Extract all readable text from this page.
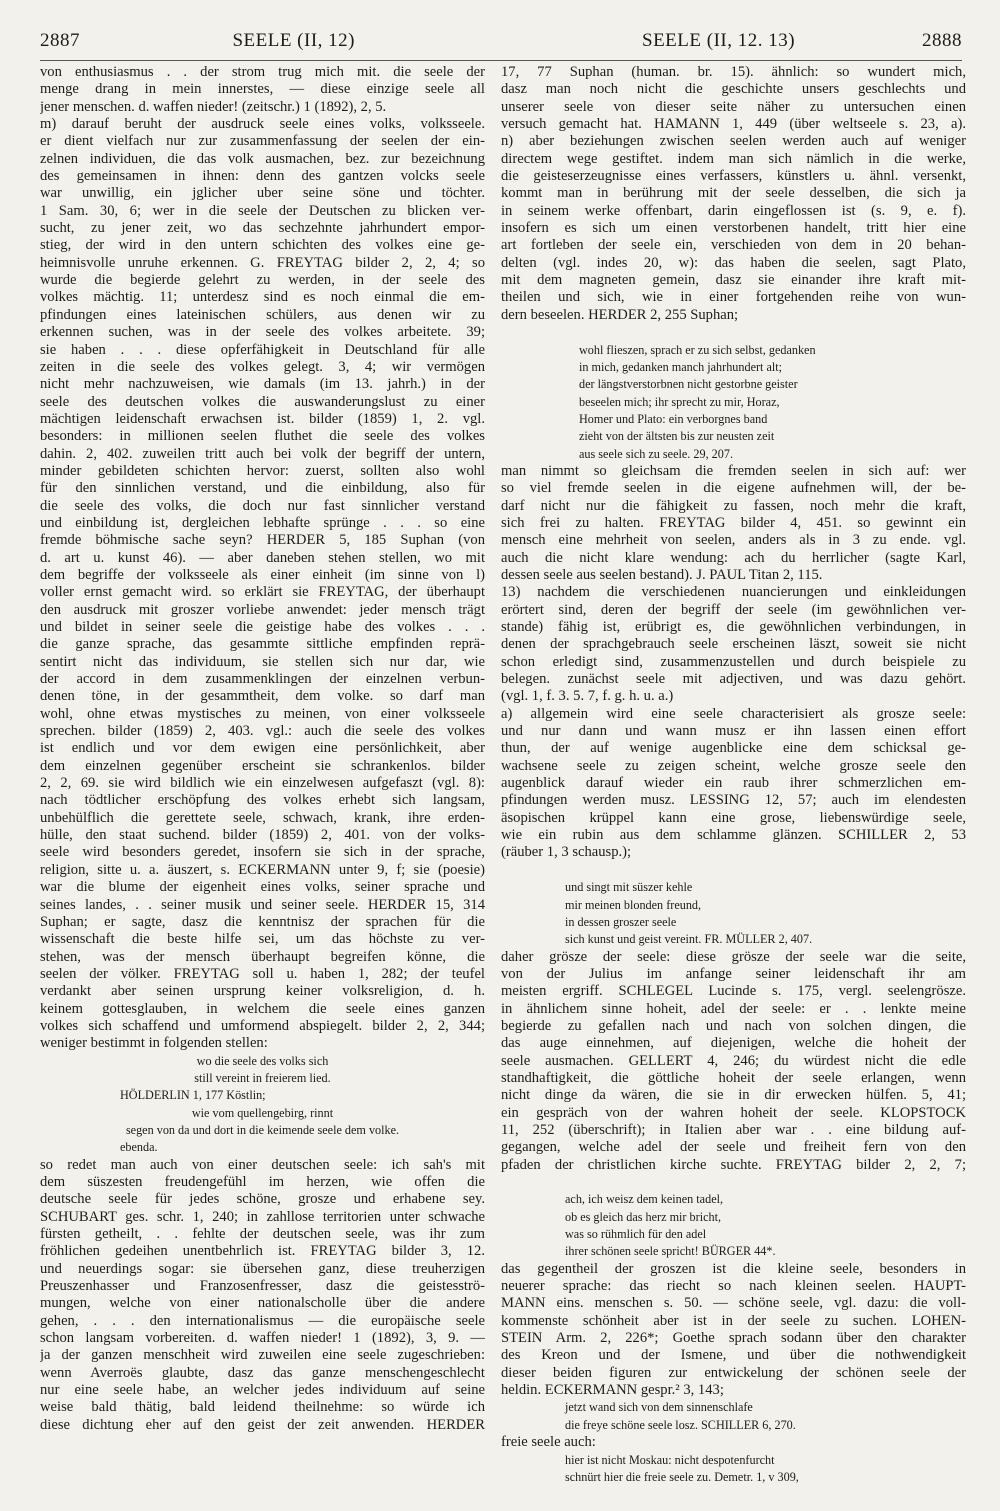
2887	SEELE (II, 12)	SEELE (II, 12. 13)	2888
von enthusiasmus . . der strom trug mich mit. die seele der
menge drang in mein innerstes, — diese einzige seele all
jener menschen. d. waffen nieder! (zeitschr.) 1 (1892), 2, 5.
m) darauf beruht der ausdruck seele eines volks, volksseele.
er dient vielfach nur zur zusammenfassung der seelen der ein-
zelnen individuen, die das volk ausmachen, bez. zur bezeichnung
des gemeinsamen in ihnen: denn des gantzen volcks seele
war unwillig, ein jglicher uber seine söne und töchter.
1 Sam. 30, 6; wer in die seele der Deutschen zu blicken ver-
sucht, zu jener zeit, wo das sechzehnte jahrhundert empor-
stieg, der wird in den untern schichten des volkes eine ge-
heimnisvolle unruhe erkennen. G. FREYTAG bilder 2, 2, 4; so
wurde die begierde gelehrt zu werden, in der seele des
volkes mächtig. 11; unterdesz sind es noch einmal die em-
pfindungen eines lateinischen schülers, aus denen wir zu
erkennen suchen, was in der seele des volkes arbeitete. 39;
sie haben . . . diese opferfähigkeit in Deutschland für alle
zeiten in die seele des volkes gelegt. 3, 4; wir vermögen
nicht mehr nachzuweisen, wie damals (im 13. jahrh.) in der
seele des deutschen volkes die auswanderungslust zu einer
mächtigen leidenschaft erwachsen ist. bilder (1859) 1, 2. vgl.
besonders: in millionen seelen fluthet die seele des volkes
dahin. 2, 402. zuweilen tritt auch bei volk der begriff der untern,
minder gebildeten schichten hervor: zuerst, sollten also wohl
für den sinnlichen verstand, und die einbildung, also für
die seele des volks, die doch nur fast sinnlicher verstand
und einbildung ist, dergleichen lebhafte sprünge . . . so eine
fremde böhmische sache seyn? HERDER 5, 185 Suphan (von
d. art u. kunst 46). — aber daneben stehen stellen, wo mit
dem begriffe der volksseele als einer einheit (im sinne von l)
voller ernst gemacht wird. so erklärt sie FREYTAG, der überhaupt
den ausdruck mit groszer vorliebe anwendet: jeder mensch trägt
und bildet in seiner seele die geistige habe des volkes . . .
die ganze sprache, das gesammte sittliche empfinden reprä-
sentirt nicht das individuum, sie stellen sich nur dar, wie
der accord in dem zusammenklingen der einzelnen verbun-
denen töne, in der gesammtheit, dem volke. so darf man
wohl, ohne etwas mystisches zu meinen, von einer volksseele
sprechen. bilder (1859) 2, 403. vgl.: auch die seele des volkes
ist endlich und vor dem ewigen eine persönlichkeit, aber
dem einzelnen gegenüber erscheint sie schrankenlos. bilder
2, 2, 69. sie wird bildlich wie ein einzelwesen aufgefaszt (vgl. 8):
nach tödtlicher erschöpfung des volkes erhebt sich langsam,
unbehülflich die gerettete seele, schwach, krank, ihre erden-
hülle, den staat suchend. bilder (1859) 2, 401. von der volks-
seele wird besonders geredet, insofern sie sich in der sprache,
religion, sitte u. a. äuszert, s. ECKERMANN unter 9, f; sie (poesie)
war die blume der eigenheit eines volks, seiner sprache und
seines landes, . . seiner musik und seiner seele. HERDER 15, 314
Suphan; er sagte, dasz die kenntnisz der sprachen für die
wissenschaft die beste hilfe sei, um das höchste zu ver-
stehen, was der mensch überhaupt begreifen könne, die
seelen der völker. FREYTAG soll u. haben 1, 282; der teufel
verdankt aber seinen ursprung keiner volksreligion, d. h.
keinem gottesglauben, in welchem die seele eines ganzen
volkes sich schaffend und umformend abspiegelt. bilder 2, 2, 344;
weniger bestimmt in folgenden stellen:
wo die seele des volks sich
still vereint in freierem lied.
HÖLDERLIN 1, 177 Köstlin;
wie vom quellengebirg, rinnt
segen von da und dort in die keimende seele dem volke.
ebenda.
so redet man auch von einer deutschen seele: ich sah's mit
dem süszesten freudengefühl im herzen, wie offen die
deutsche seele für jedes schöne, grosze und erhabene sey.
SCHUBART ges. schr. 1, 240; in zahllose territorien unter schwache
fürsten getheilt, . . fehlte der deutschen seele, was ihr zum
fröhlichen gedeihen unentbehrlich ist. FREYTAG bilder 3, 12.
und neuerdings sogar: sie übersehen ganz, diese treuherzigen
Preuszenhasser und Franzosenfresser, dasz die geistesströ-
mungen, welche von einer nationalscholle über die andere
gehen, . . . den internationalismus — die europäische seele
schon langsam vorbereiten. d. waffen nieder! 1 (1892), 3, 9. —
ja der ganzen menschheit wird zuweilen eine seele zugeschrieben:
wenn Averroës glaubte, dasz das ganze menschengeschlecht
nur eine seele habe, an welcher jedes individuum auf seine
weise bald thätig, bald leidend theilnehme: so würde ich
diese dichtung eher auf den geist der zeit anwenden. HERDER
17, 77 Suphan (human. br. 15). ähnlich: so wundert mich,
dasz man noch nicht die geschichte unsers geschlechts und
unserer seele von dieser seite näher zu untersuchen einen
versuch gemacht hat. HAMANN 1, 449 (über weltseele s. 23, a).
n) aber beziehungen zwischen seelen werden auch auf weniger
directem wege gestiftet. indem man sich nämlich in die werke,
die geisteserzeugnisse eines verfassers, künstlers u. ähnl. versenkt,
kommt man in berührung mit der seele desselben, die sich ja
in seinem werke offenbart, darin eingeflossen ist (s. 9, e. f).
insofern es sich um einen verstorbenen handelt, tritt hier eine
art fortleben der seele ein, verschieden von dem in 20 behan-
delten (vgl. indes 20, w): das haben die seelen, sagt Plato,
mit dem magneten gemein, dasz sie einander ihre kraft mit-
theilen und sich, wie in einer fortgehenden reihe von wun-
dern beseelen. HERDER 2, 255 Suphan;

wohl flieszen, sprach er zu sich selbst, gedanken
in mich, gedanken manch jahrhundert alt;
der längstverstorbnen nicht gestorbne geister
beseelen mich; ihr sprecht zu mir, Horaz,
Homer und Plato: ein verborgnes band
zieht von der ältsten bis zur neusten zeit
aus seele sich zu seele. 29, 207.
man nimmt so gleichsam die fremden seelen in sich auf: wer
so viel fremde seelen in die eigene aufnehmen will, der be-
darf nicht nur die fähigkeit zu fassen, noch mehr die kraft,
sich frei zu halten. FREYTAG bilder 4, 451. so gewinnt ein
mensch eine mehrheit von seelen, anders als in 3 zu ende. vgl.
auch die nicht klare wendung: ach du herrlicher (sagte Karl,
dessen seele aus seelen bestand). J. PAUL Titan 2, 115.
13) nachdem die verschiedenen nuancierungen und einkleidungen
erörtert sind, deren der begriff der seele (im gewöhnlichen ver-
stande) fähig ist, erübrigt es, die gewöhnlichen verbindungen, in
denen der sprachgebrauch seele erscheinen läszt, soweit sie nicht
schon erledigt sind, zusammenzustellen und durch beispiele zu
belegen. zunächst seele mit adjectiven, und was dazu gehört.
(vgl. 1, f. 3. 5. 7, f. g. h. u. a.)
a) allgemein wird eine seele characterisiert als grosze seele:
und nur dann und wann musz er ihn lassen einen effort
thun, der auf wenige augenblicke eine dem schicksal ge-
wachsene seele zu zeigen scheint, welche grosze seele den
augenblick darauf wieder ein raub ihrer schmerzlichen em-
pfindungen werden musz. LESSING 12, 57; auch im elendesten
äsopischen krüppel kann eine grose, liebenswürdige seele,
wie ein rubin aus dem schlamme glänzen. SCHILLER 2, 53
(räuber 1, 3 schausp.);

und singt mit süszer kehle
mir meinen blonden freund,
in dessen groszer seele
sich kunst und geist vereint. FR. MÜLLER 2, 407.
daher grösze der seele: diese grösze der seele war die seite,
von der Julius im anfange seiner leidenschaft ihr am
meisten ergriff. SCHLEGEL Lucinde s. 175, vergl. seelengrösze.
in ähnlichem sinne hoheit, adel der seele: er . . lenkte meine
begierde zu gefallen nach und nach von solchen dingen, die
das auge einnehmen, auf diejenigen, welche die hoheit der
seele ausmachen. GELLERT 4, 246; du würdest nicht die edle
standhaftigkeit, die göttliche hoheit der seele erlangen, wenn
nicht dinge da wären, die sie in dir erwecken hülfen. 5, 41;
ein gespräch von der wahren hoheit der seele. KLOPSTOCK
11, 252 (überschrift); in Italien aber war . . eine bildung auf-
gegangen, welche adel der seele und freiheit fern von den
pfaden der christlichen kirche suchte. FREYTAG bilder 2, 2, 7;

ach, ich weisz dem keinen tadel,
ob es gleich das herz mir bricht,
was so rühmlich für den adel
ihrer schönen seele spricht! BÜRGER 44*.
das gegentheil der groszen ist die kleine seele, besonders in
neuerer sprache: das riecht so nach kleinen seelen. HAUPT-
MANN eins. menschen s. 50. — schöne seele, vgl. dazu: die voll-
kommenste schönheit aber ist in der seele zu suchen. LOHEN-
STEIN Arm. 2, 226*; Goethe sprach sodann über den charakter
des Kreon und der Ismene, und über die nothwendigkeit
dieser beiden figuren zur entwickelung der schönen seele der
heldin. ECKERMANN gespr.² 3, 143;
jetzt wand sich von dem sinnenschlafe
die freye schöne seele losz. SCHILLER 6, 270.
freie seele auch:
hier ist nicht Moskau: nicht despotenfurcht
schnürt hier die freie seele zu. Demetr. 1, v 309,
